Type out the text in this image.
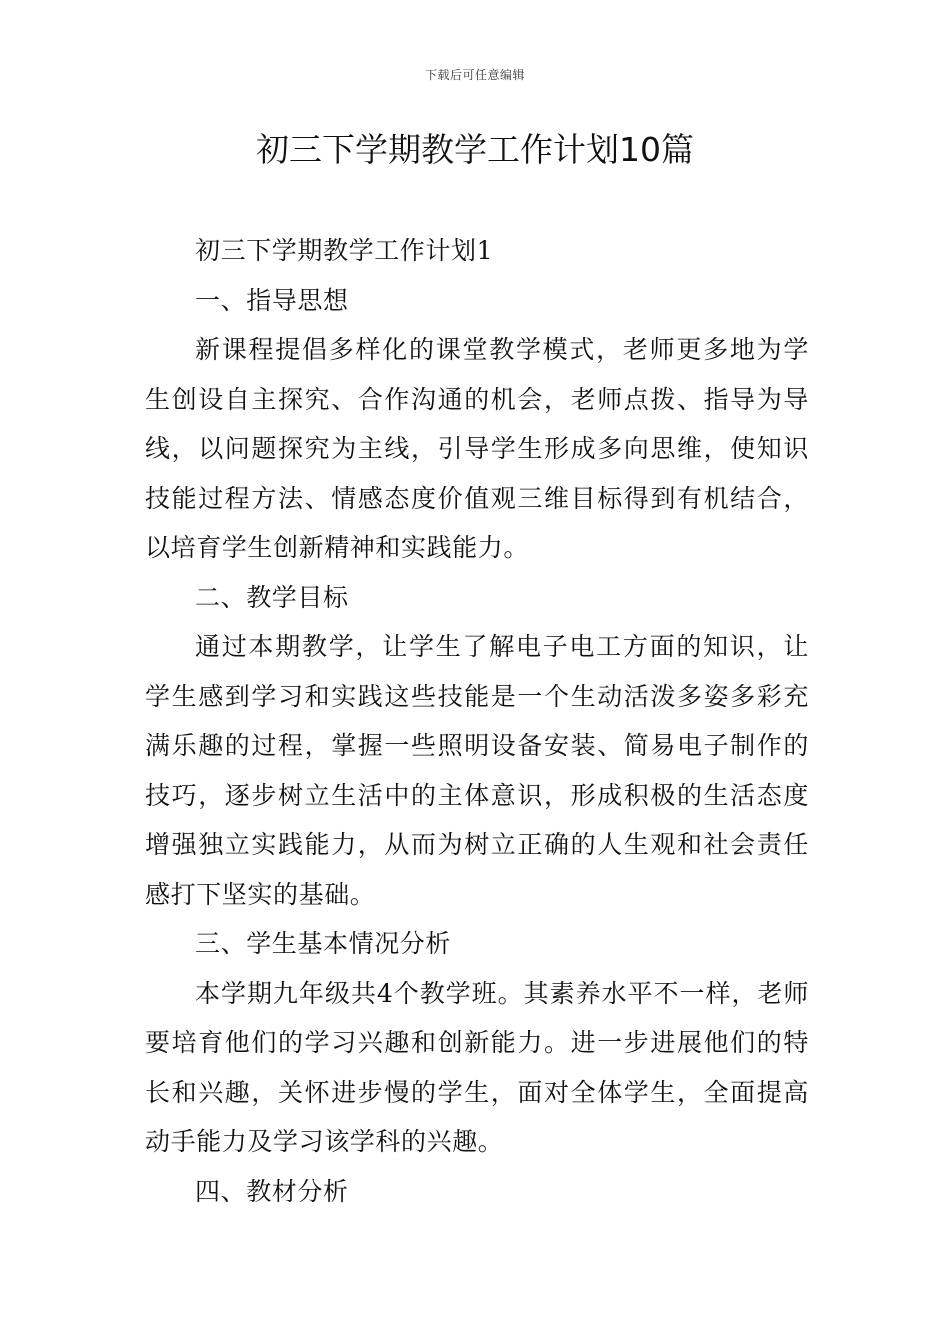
下载后可任意编辑
初三下学期教学工作计划10篇

初三下学期教学工作计划1

一、指导思想

新课程提倡多样化的课堂教学模式，老师更多地为学生创设自主探究、合作沟通的机会，老师点拨、指导为导线，以问题探究为主线，引导学生形成多向思维，使知识技能过程方法、情感态度价值观三维目标得到有机结合，以培育学生创新精神和实践能力。

二、教学目标

通过本期教学，让学生了解电子电工方面的知识，让学生感到学习和实践这些技能是一个生动活泼多姿多彩充满乐趣的过程，掌握一些照明设备安装、简易电子制作的技巧，逐步树立生活中的主体意识，形成积极的生活态度增强独立实践能力，从而为树立正确的人生观和社会责任感打下坚实的基础。

三、学生基本情况分析

本学期九年级共4个教学班。其素养水平不一样，老师要培育他们的学习兴趣和创新能力。进一步进展他们的特长和兴趣，关怀进步慢的学生，面对全体学生，全面提高动手能力及学习该学科的兴趣。

四、教材分析
